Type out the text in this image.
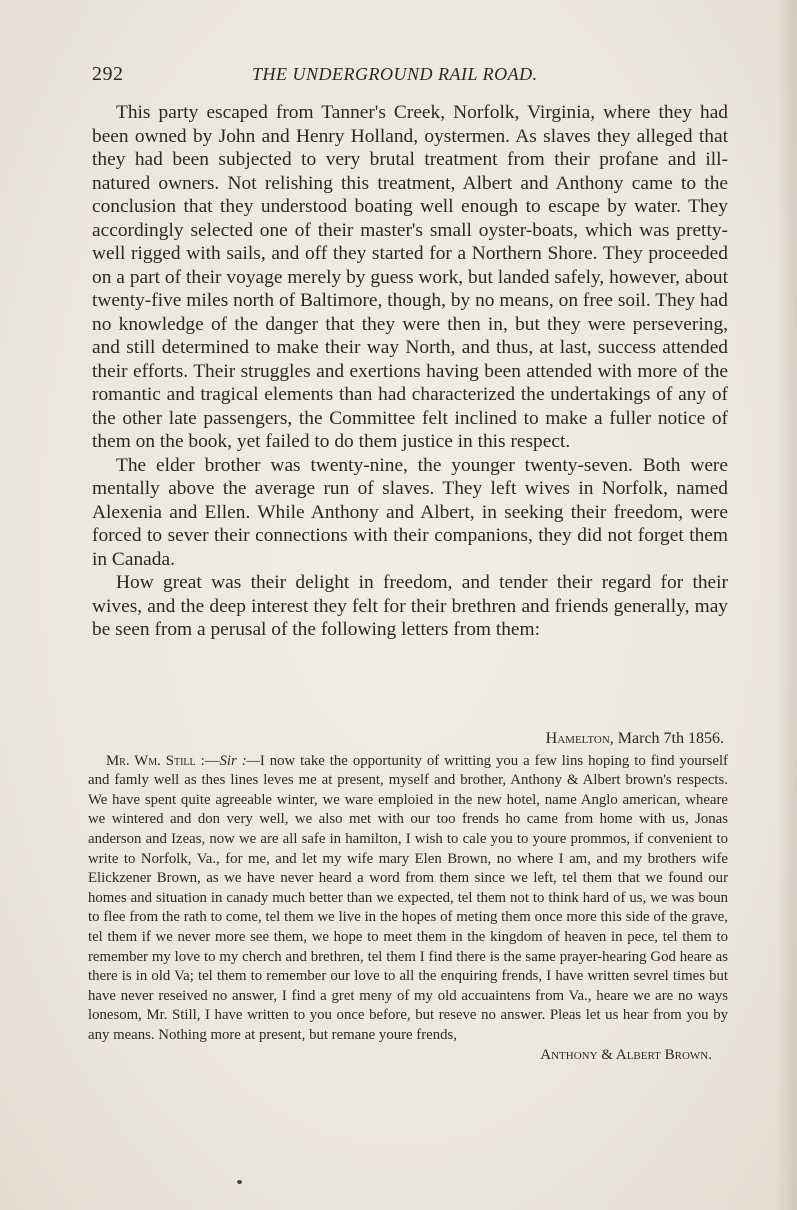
292	THE UNDERGROUND RAIL ROAD.

This party escaped from Tanner's Creek, Norfolk, Virginia, where they had been owned by John and Henry Holland, oystermen. As slaves they alleged that they had been subjected to very brutal treatment from their profane and ill-natured owners. Not relishing this treatment, Albert and Anthony came to the conclusion that they understood boating well enough to escape by water. They accordingly selected one of their master's small oyster-boats, which was pretty-well rigged with sails, and off they started for a Northern Shore. They proceeded on a part of their voyage merely by guess work, but landed safely, however, about twenty-five miles north of Baltimore, though, by no means, on free soil. They had no knowledge of the danger that they were then in, but they were persevering, and still determined to make their way North, and thus, at last, success attended their efforts. Their struggles and exertions having been attended with more of the romantic and tragical elements than had characterized the undertakings of any of the other late passengers, the Committee felt inclined to make a fuller notice of them on the book, yet failed to do them justice in this respect.

The elder brother was twenty-nine, the younger twenty-seven. Both were mentally above the average run of slaves. They left wives in Norfolk, named Alexenia and Ellen. While Anthony and Albert, in seeking their freedom, were forced to sever their connections with their companions, they did not forget them in Canada.

How great was their delight in freedom, and tender their regard for their wives, and the deep interest they felt for their brethren and friends generally, may be seen from a perusal of the following letters from them:

Hamelton, March 7th 1856.

Mr. Wm. Still :—Sir :—I now take the opportunity of writting you a few lins hoping to find yourself and famly well as thes lines leves me at present, myself and brother, Anthony & Albert brown's respects. We have spent quite agreeable winter, we ware emploied in the new hotel, name Anglo american, wheare we wintered and don very well, we also met with our too frends ho came from home with us, Jonas anderson and Izeas, now we are all safe in hamilton, I wish to cale you to youre prommos, if convenient to write to Norfolk, Va., for me, and let my wife mary Elen Brown, no where I am, and my brothers wife Elickzener Brown, as we have never heard a word from them since we left, tel them that we found our homes and situation in canady much better than we expected, tel them not to think hard of us, we was boun to flee from the rath to come, tel them we live in the hopes of meting them once more this side of the grave, tel them if we never more see them, we hope to meet them in the kingdom of heaven in pece, tel them to remember my love to my cherch and brethren, tel them I find there is the same prayer-hearing God heare as there is in old Va; tel them to remember our love to all the enquiring frends, I have written sevrel times but have never reseived no answer, I find a gret meny of my old accuaintens from Va., heare we are no ways lonesom, Mr. Still, I have written to you once before, but reseve no answer. Pleas let us hear from you by any means. Nothing more at present, but remane youre frends,

Anthony & Albert Brown.
